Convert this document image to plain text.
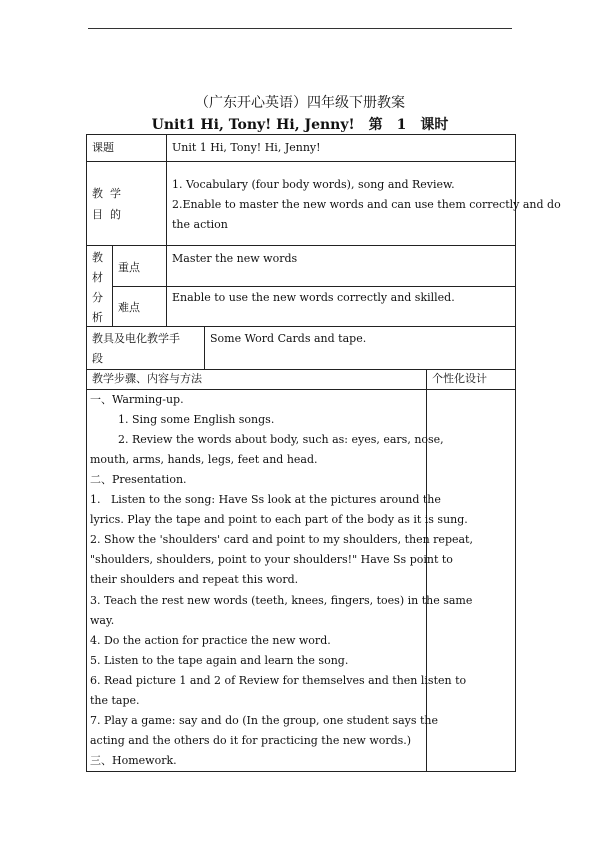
（广东开心英语）四年级下册教案
Unit1 Hi, Tony! Hi, Jenny! 第 1 课时
课题	Unit 1 Hi, Tony! Hi, Jenny!
教  学
目  的
1. Vocabulary (four body words), song and Review.
2.Enable to master the new words and can use them correctly and do
the action
教
材
分
析
重点
Master the new words
难点
Enable to use the new words correctly and skilled.
教具及电化教学手
段
Some Word Cards and tape.
教学步骤、内容与方法	个性化设计
一、Warming-up.
1. Sing some English songs.
2. Review the words about body, such as: eyes, ears, nose,
mouth, arms, hands, legs, feet and head.
二、Presentation.
1.   Listen to the song: Have Ss look at the pictures around the
lyrics. Play the tape and point to each part of the body as it is sung.
2. Show the 'shoulders' card and point to my shoulders, then repeat,
"shoulders, shoulders, point to your shoulders!" Have Ss point to
their shoulders and repeat this word.
3. Teach the rest new words (teeth, knees, fingers, toes) in the same
way.
4. Do the action for practice the new word.
5. Listen to the tape again and learn the song.
6. Read picture 1 and 2 of Review for themselves and then listen to
the tape.
7. Play a game: say and do (In the group, one student says the
acting and the others do it for practicing the new words.)
三、Homework.
